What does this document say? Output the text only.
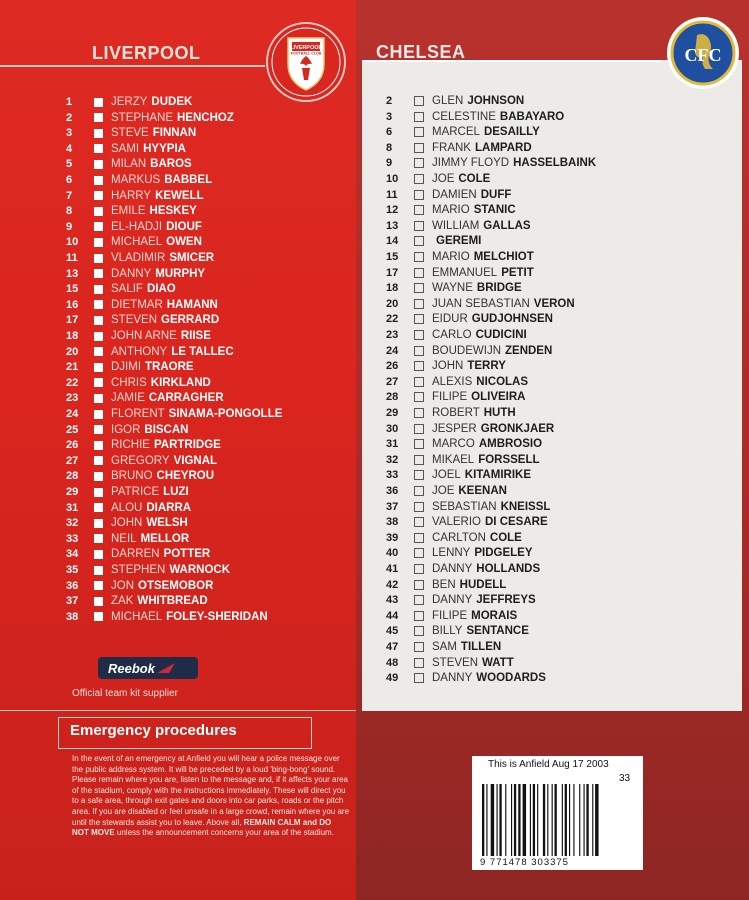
LIVERPOOL	CHELSEA
LIVERPOOL
FOOTBALL CLUB	CFC
1	JERZY DUDEK
2	STEPHANE HENCHOZ
3	STEVE FINNAN
4	SAMI HYYPIA
5	MILAN BAROS
6	MARKUS BABBEL
7	HARRY KEWELL
8	EMILE HESKEY
9	EL-HADJI DIOUF
10	MICHAEL OWEN
11	VLADIMIR SMICER
13	DANNY MURPHY
15	SALIF DIAO
16	DIETMAR HAMANN
17	STEVEN GERRARD
18	JOHN ARNE RIISE
20	ANTHONY LE TALLEC
21	DJIMI TRAORE
22	CHRIS KIRKLAND
23	JAMIE CARRAGHER
24	FLORENT SINAMA-PONGOLLE
25	IGOR BISCAN
26	RICHIE PARTRIDGE
27	GREGORY VIGNAL
28	BRUNO CHEYROU
29	PATRICE LUZI
31	ALOU DIARRA
32	JOHN WELSH
33	NEIL MELLOR
34	DARREN POTTER
35	STEPHEN WARNOCK
36	JON OTSEMOBOR
37	ZAK WHITBREAD
38	MICHAEL FOLEY-SHERIDAN
2	GLEN JOHNSON
3	CELESTINE BABAYARO
6	MARCEL DESAILLY
8	FRANK LAMPARD
9	JIMMY FLOYD HASSELBAINK
10	JOE COLE
11	DAMIEN DUFF
12	MARIO STANIC
13	WILLIAM GALLAS
14	GEREMI
15	MARIO MELCHIOT
17	EMMANUEL PETIT
18	WAYNE BRIDGE
20	JUAN SEBASTIAN VERON
22	EIDUR GUDJOHNSEN
23	CARLO CUDICINI
24	BOUDEWIJN ZENDEN
26	JOHN TERRY
27	ALEXIS NICOLAS
28	FILIPE OLIVEIRA
29	ROBERT HUTH
30	JESPER GRONKJAER
31	MARCO AMBROSIO
32	MIKAEL FORSSELL
33	JOEL KITAMIRIKE
36	JOE KEENAN
37	SEBASTIAN KNEISSL
38	VALERIO DI CESARE
39	CARLTON COLE
40	LENNY PIDGELEY
41	DANNY HOLLANDS
42	BEN HUDELL
43	DANNY JEFFREYS
44	FILIPE MORAIS
45	BILLY SENTANCE
47	SAM TILLEN
48	STEVEN WATT
49	DANNY WOODARDS
Reebok
Official team kit supplier
Emergency procedures
In the event of an emergency at Anfield you will hear a police message over the public address system. It will be preceded by a loud 'bing-bong' sound. Please remain where you are, listen to the message and, if it affects your area of the stadium, comply with the instructions immediately. These will direct you to a safe area, through exit gates and doors into car parks, roads or the pitch area. If you are disabled or feel unsafe in a large crowd, remain where you are until the stewards assist you to leave. Above all, REMAIN CALM and DO NOT MOVE unless the announcement concerns your area of the stadium.
This is Anfield Aug 17 2003
33
9 771478 303375
